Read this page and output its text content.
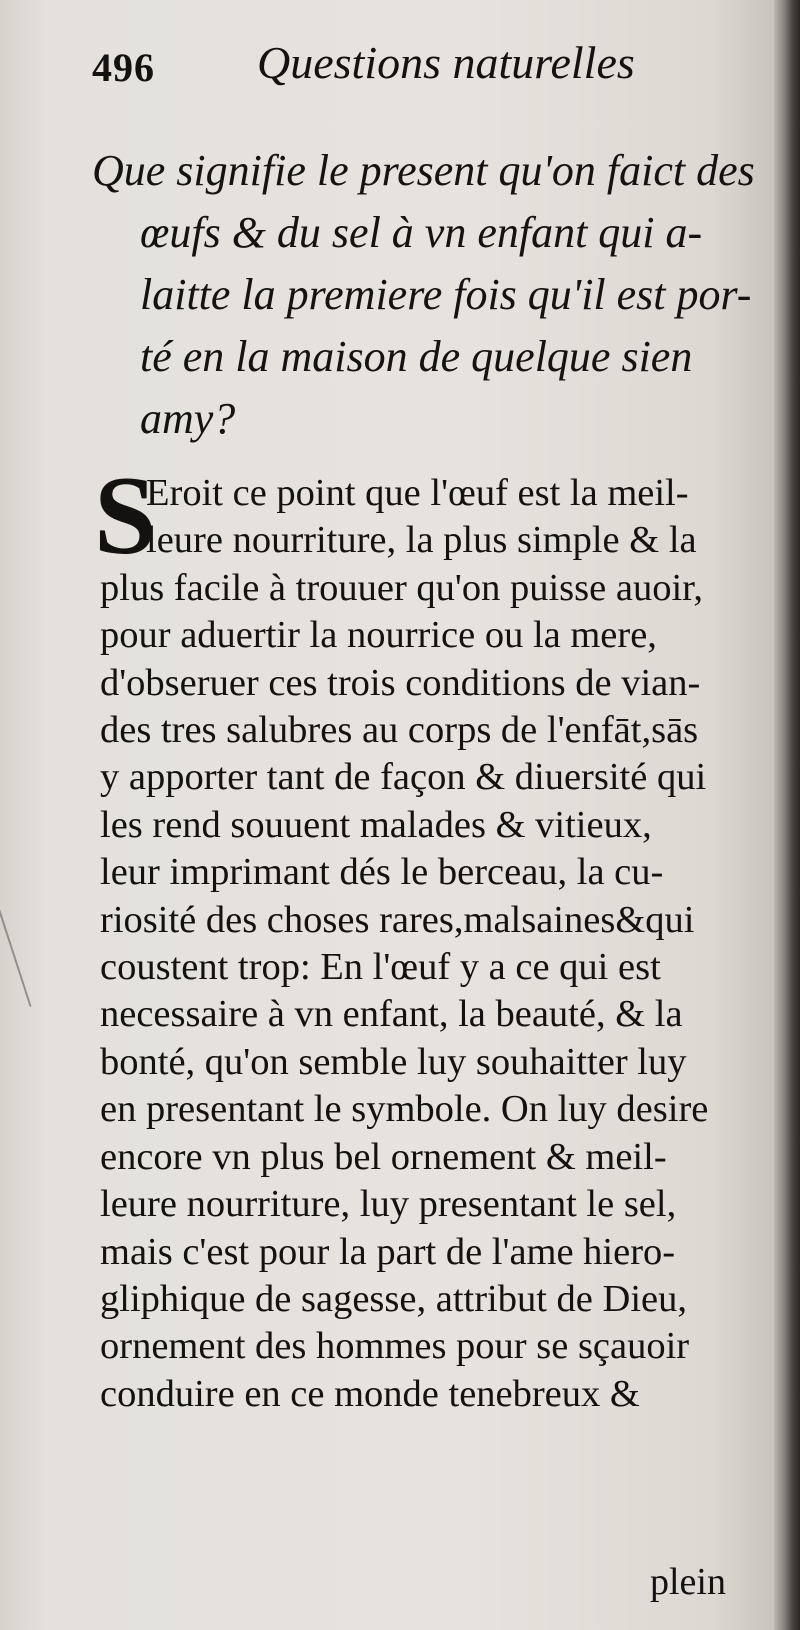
496 Questions naturelles
Que signifie le present qu'on faict des
œufs & du sel à vn enfant qui a-
laitte la premiere fois qu'il est por-
té en la maison de quelque sien
amy?
S
Eroit ce point que l'œuf est la meil-
leure nourriture, la plus simple & la
plus facile à trouuer qu'on puisse auoir,
pour aduertir la nourrice ou la mere,
d'obseruer ces trois conditions de vian-
des tres salubres au corps de l'enfāt,sās
y apporter tant de façon & diuersité qui
les rend souuent malades & vitieux,
leur imprimant dés le berceau, la cu-
riosité des choses rares,malsaines&qui
coustent trop: En l'œuf y a ce qui est
necessaire à vn enfant, la beauté, & la
bonté, qu'on semble luy souhaitter luy
en presentant le symbole. On luy desire
encore vn plus bel ornement & meil-
leure nourriture, luy presentant le sel,
mais c'est pour la part de l'ame hiero-
gliphique de sagesse, attribut de Dieu,
ornement des hommes pour se sçauoir
conduire en ce monde tenebreux &
plein
